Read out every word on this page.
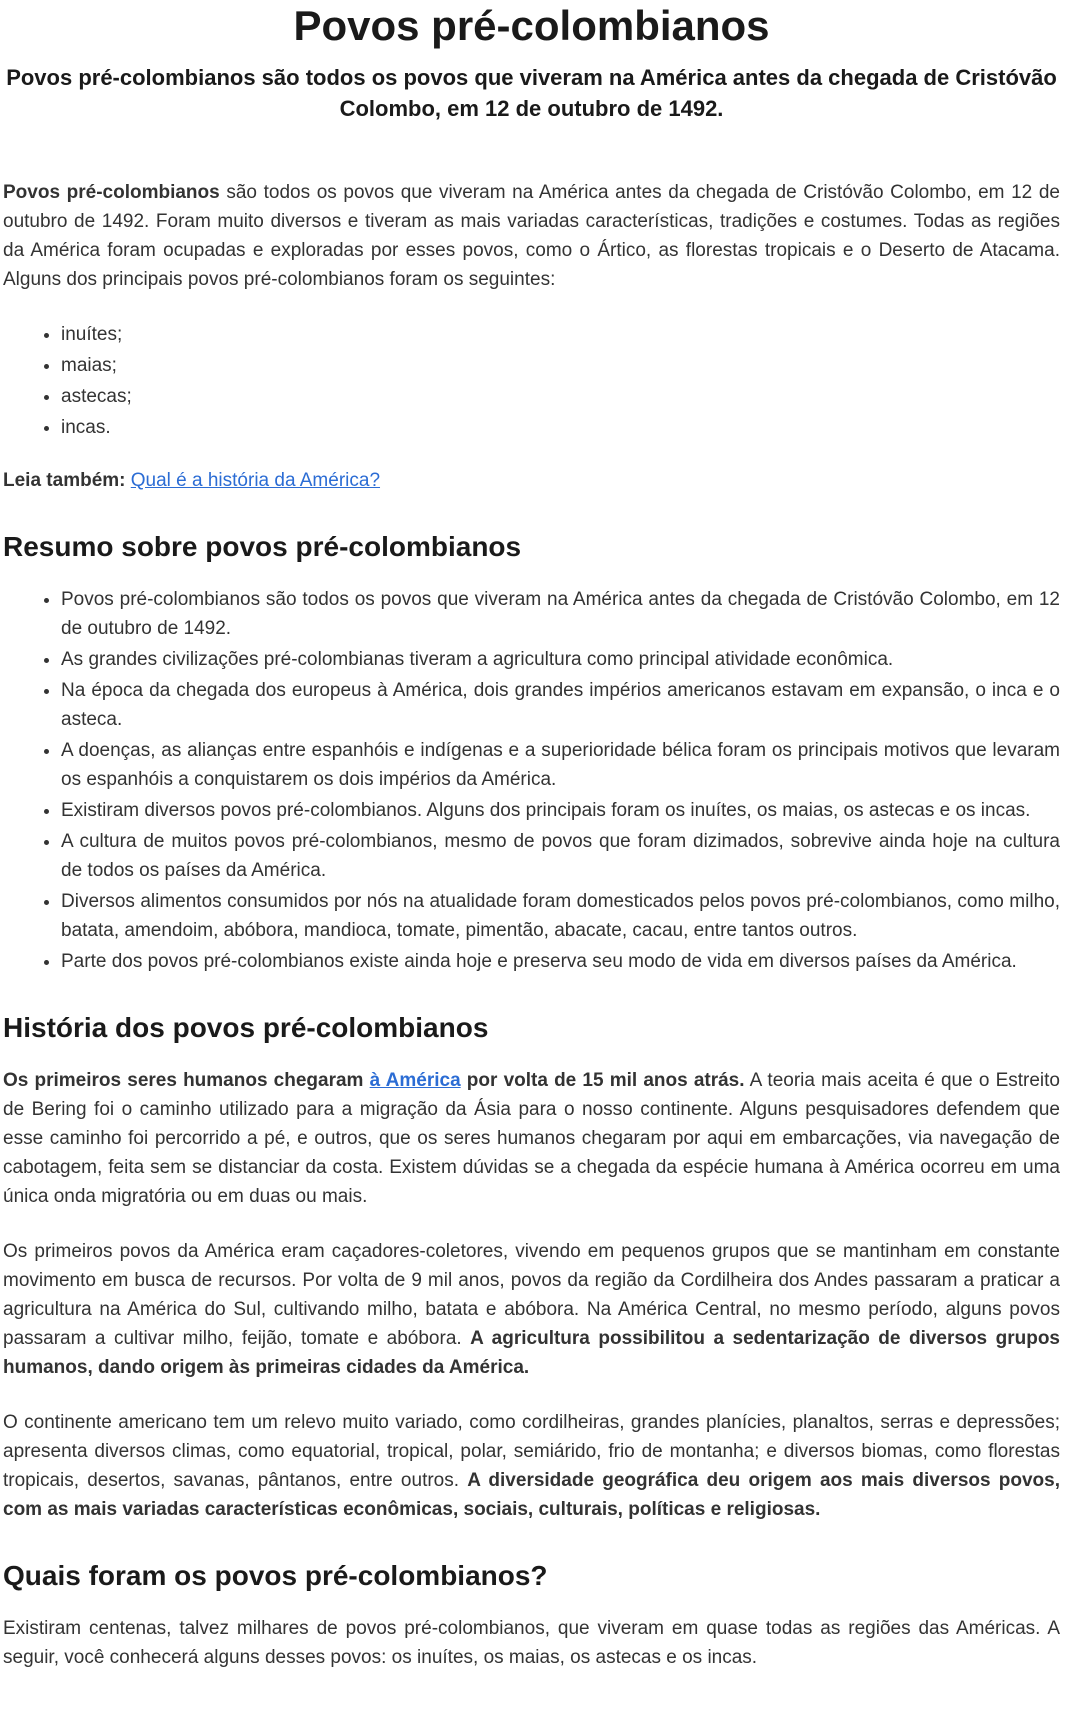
Povos pré-colombianos

Povos pré-colombianos são todos os povos que viveram na América antes da chegada de Cristóvão Colombo, em 12 de outubro de 1492.

Povos pré-colombianos são todos os povos que viveram na América antes da chegada de Cristóvão Colombo, em 12 de outubro de 1492. Foram muito diversos e tiveram as mais variadas características, tradições e costumes. Todas as regiões da América foram ocupadas e exploradas por esses povos, como o Ártico, as florestas tropicais e o Deserto de Atacama. Alguns dos principais povos pré-colombianos foram os seguintes:

• inuítes;
• maias;
• astecas;
• incas.

Leia também: Qual é a história da América?

Resumo sobre povos pré-colombianos
• Povos pré-colombianos são todos os povos que viveram na América antes da chegada de Cristóvão Colombo, em 12 de outubro de 1492.
• As grandes civilizações pré-colombianas tiveram a agricultura como principal atividade econômica.
• Na época da chegada dos europeus à América, dois grandes impérios americanos estavam em expansão, o inca e o asteca.
• A doenças, as alianças entre espanhóis e indígenas e a superioridade bélica foram os principais motivos que levaram os espanhóis a conquistarem os dois impérios da América.
• Existiram diversos povos pré-colombianos. Alguns dos principais foram os inuítes, os maias, os astecas e os incas.
• A cultura de muitos povos pré-colombianos, mesmo de povos que foram dizimados, sobrevive ainda hoje na cultura de todos os países da América.
• Diversos alimentos consumidos por nós na atualidade foram domesticados pelos povos pré-colombianos, como milho, batata, amendoim, abóbora, mandioca, tomate, pimentão, abacate, cacau, entre tantos outros.
• Parte dos povos pré-colombianos existe ainda hoje e preserva seu modo de vida em diversos países da América.
História dos povos pré-colombianos

Os primeiros seres humanos chegaram à América por volta de 15 mil anos atrás. A teoria mais aceita é que o Estreito de Bering foi o caminho utilizado para a migração da Ásia para o nosso continente. Alguns pesquisadores defendem que esse caminho foi percorrido a pé, e outros, que os seres humanos chegaram por aqui em embarcações, via navegação de cabotagem, feita sem se distanciar da costa. Existem dúvidas se a chegada da espécie humana à América ocorreu em uma única onda migratória ou em duas ou mais.

Os primeiros povos da América eram caçadores-coletores, vivendo em pequenos grupos que se mantinham em constante movimento em busca de recursos. Por volta de 9 mil anos, povos da região da Cordilheira dos Andes passaram a praticar a agricultura na América do Sul, cultivando milho, batata e abóbora. Na América Central, no mesmo período, alguns povos passaram a cultivar milho, feijão, tomate e abóbora. A agricultura possibilitou a sedentarização de diversos grupos humanos, dando origem às primeiras cidades da América.

O continente americano tem um relevo muito variado, como cordilheiras, grandes planícies, planaltos, serras e depressões; apresenta diversos climas, como equatorial, tropical, polar, semiárido, frio de montanha; e diversos biomas, como florestas tropicais, desertos, savanas, pântanos, entre outros. A diversidade geográfica deu origem aos mais diversos povos, com as mais variadas características econômicas, sociais, culturais, políticas e religiosas.

Quais foram os povos pré-colombianos?

Existiram centenas, talvez milhares de povos pré-colombianos, que viveram em quase todas as regiões das Américas. A seguir, você conhecerá alguns desses povos: os inuítes, os maias, os astecas e os incas.
